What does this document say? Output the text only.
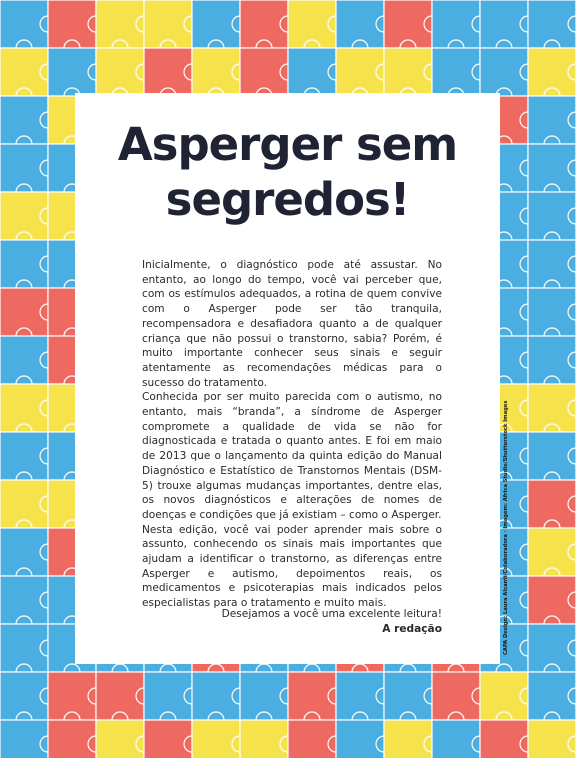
Asperger sem
segredos!

Inicialmente, o diagnóstico pode até assustar. No entanto, ao longo do tempo, você vai perceber que, com os estímulos adequados, a rotina de quem convive com o Asperger pode ser tão tranquila, recompensadora e desafiadora quanto a de qualquer criança que não possui o transtorno, sabia? Porém, é muito importante conhecer seus sinais e seguir atentamente as recomendações médicas para o sucesso do tratamento.

Conhecida por ser muito parecida com o autismo, no entanto, mais “branda”, a síndrome de Asperger compromete a qualidade de vida se não for diagnosticada e tratada o quanto antes. E foi em maio de 2013 que o lançamento da quinta edição do Manual Diagnóstico e Estatístico de Transtornos Mentais (DSM-5) trouxe algumas mudanças importantes, dentre elas, os novos diagnósticos e alterações de nomes de doenças e condições que já existiam – como o Asperger.

Nesta edição, você vai poder aprender mais sobre o assunto, conhecendo os sinais mais importantes que ajudam a identificar o transtorno, as diferenças entre Asperger e autismo, depoimentos reais, os medicamentos e psicoterapias mais indicados pelos especialistas para o tratamento e muito mais.

Desejamos a você uma excelente leitura!
A redação	CAPA Design: Laura Alcanti/Colaboradora · Imagem: Africa Studio/Shutterstock Images
